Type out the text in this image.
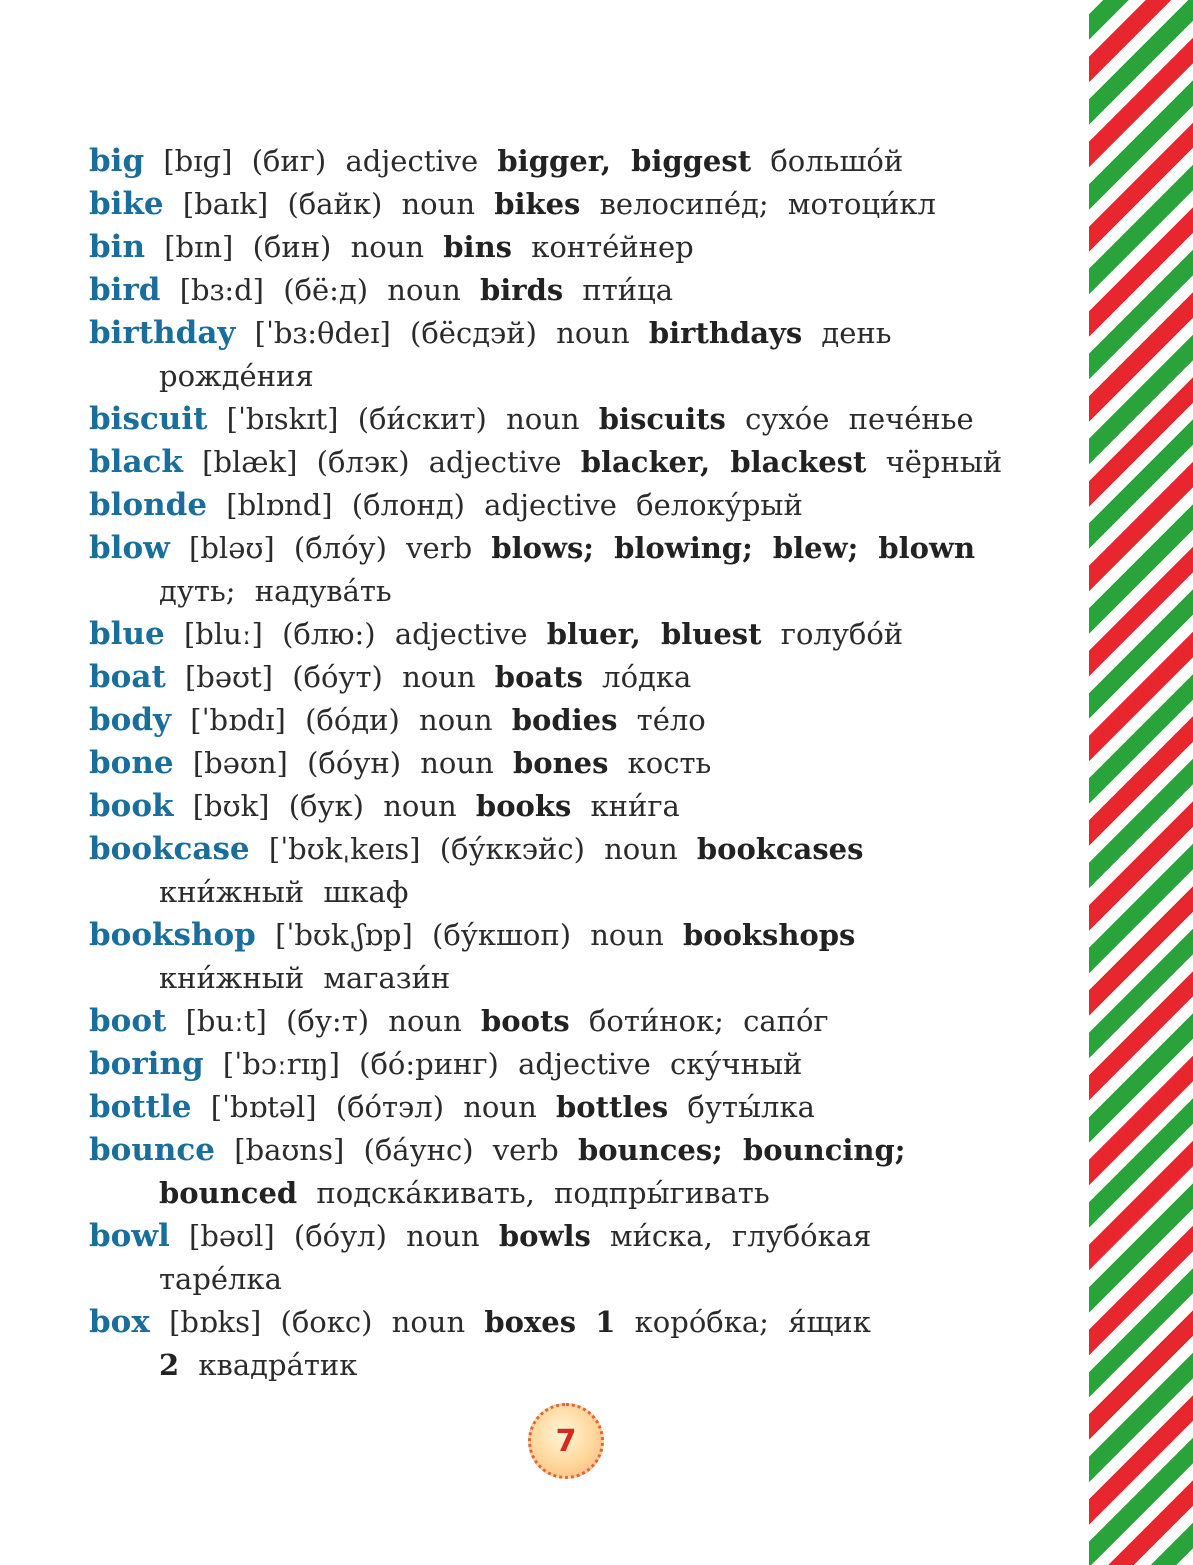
big [bɪɡ] (биг) adjective bigger, biggest большо́й
bike [baɪk] (байк) noun bikes велосипе́д; мотоци́кл
bin [bɪn] (бин) noun bins конте́йнер
bird [bɜ:d] (бё:д) noun birds пти́ца
birthday [ˈbɜ:θdeɪ] (бёсдэй) noun birthdays день
рожде́ния
biscuit [ˈbɪskɪt] (би́скит) noun biscuits сухо́е пече́нье
black [blæk] (блэк) adjective blacker, blackest чёрный
blonde [blɒnd] (блонд) adjective белоку́рый
blow [bləʊ] (бло́у) verb blows; blowing; blew; blown
дуть; надува́ть
blue [bluː] (блю:) adjective bluer, bluest голубо́й
boat [bəʊt] (бо́ут) noun boats ло́дка
body [ˈbɒdɪ] (бо́ди) noun bodies те́ло
bone [bəʊn] (бо́ун) noun bones кость
book [bʊk] (бук) noun books кни́га
bookcase [ˈbʊkˌkeɪs] (бу́ккэйс) noun bookcases
кни́жный шкаф
bookshop [ˈbʊkˌʃɒp] (бу́кшоп) noun bookshops
кни́жный магази́н
boot [buːt] (бу:т) noun boots боти́нок; сапо́г
boring [ˈbɔːrɪŋ] (бо́:ринг) adjective ску́чный
bottle [ˈbɒtəl] (бо́тэл) noun bottles буты́лка
bounce [baʊns] (ба́унс) verb bounces; bouncing;
bounced подска́кивать, подпры́гивать
bowl [bəʊl] (бо́ул) noun bowls ми́ска, глубо́кая
таре́лка
box [bɒks] (бокс) noun boxes 1 коро́бка; я́щик
2 квадра́тик
7
